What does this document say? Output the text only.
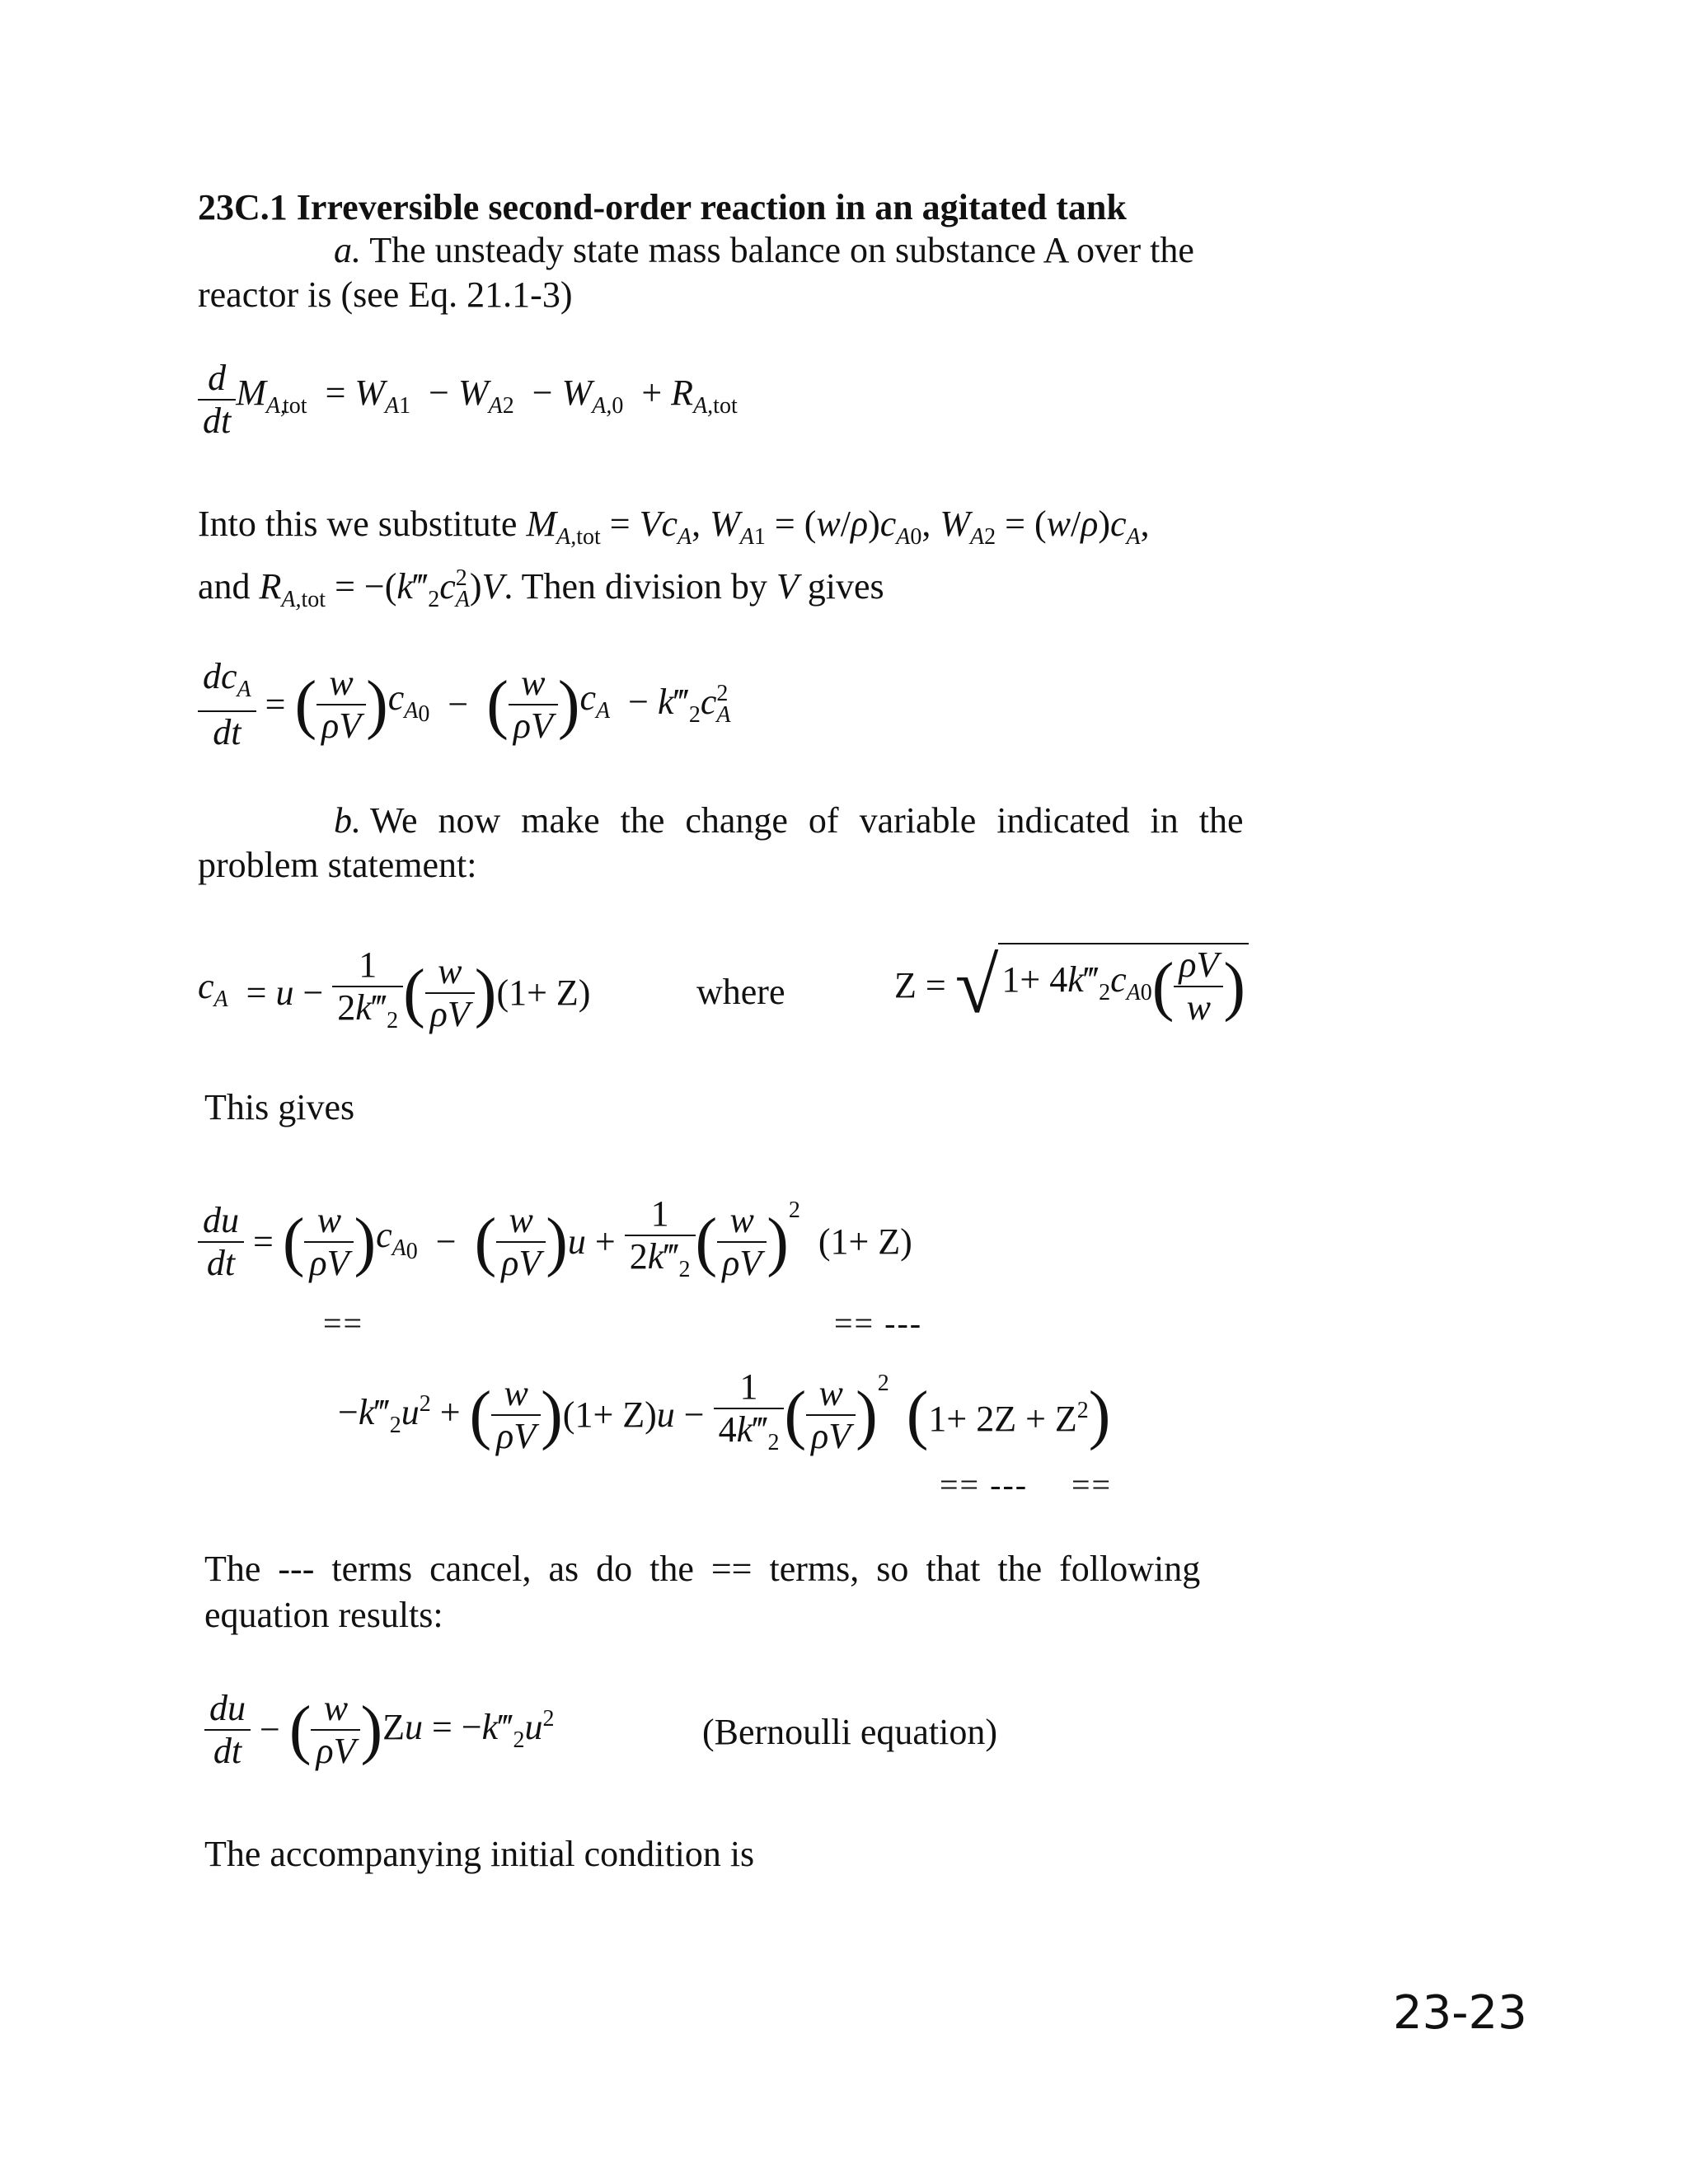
23C.1 Irreversible second-order reaction in an agitated tank
a. The unsteady state mass balance on substance A over the
reactor is (see Eq. 21.1-3)
$\frac{d}{dt} M_{A,tot} = W_{A1} - W_{A2} - W_{A,0} + R_{A,tot}$
Into this we substitute $M_{A,tot} = Vc_A$, $W_{A1} = (w/\rho)c_{A0}$, $W_{A2} = (w/\rho)c_A$,
and $R_{A,tot}$ = $-(k‴_2c^2_A)V$. Then division by V gives
$\frac{dc_A}{dt}$ = ( $\frac{w}{\rho V} )c_{A0}$  −  ( $\frac{w}{\rho V} )c_A$  − $k‴_2c^2_A$
b. We now make the change of variable indicated in the
problem statement:
$c_A = u - \frac{1}{2k‴_2}$ ( $\frac{w}{\rho V} )(1+ Z)$	where	$Z = √1+ 4k‴_2c_{A0}( \frac{\rho V}{w}$ )
This gives
$\frac{du}{dt}$ = ( $\frac{w}{\rho V} )c_{A0}$  −  ( $\frac{w}{\rho V} )u + \frac{1}{2k‴_2}$ ( $\frac{w}{\rho V} )^2$  (1+ Z)
==	== ---
$-k‴_2u^2$ + ( $\frac{w}{\rho V} )(1+ Z)u - \frac{1}{4k‴_2}$ ( $\frac{w}{\rho V} )^2$ $(1+ 2Z + Z^2)$
== --- ==
The --- terms cancel, as do the == terms, so that the following
equation results:
$\frac{du}{dt}$ − ( $\frac{w}{\rho V} )Zu$ = $-k‴_2u^2$	(Bernoulli equation)
The accompanying initial condition is
23-23
